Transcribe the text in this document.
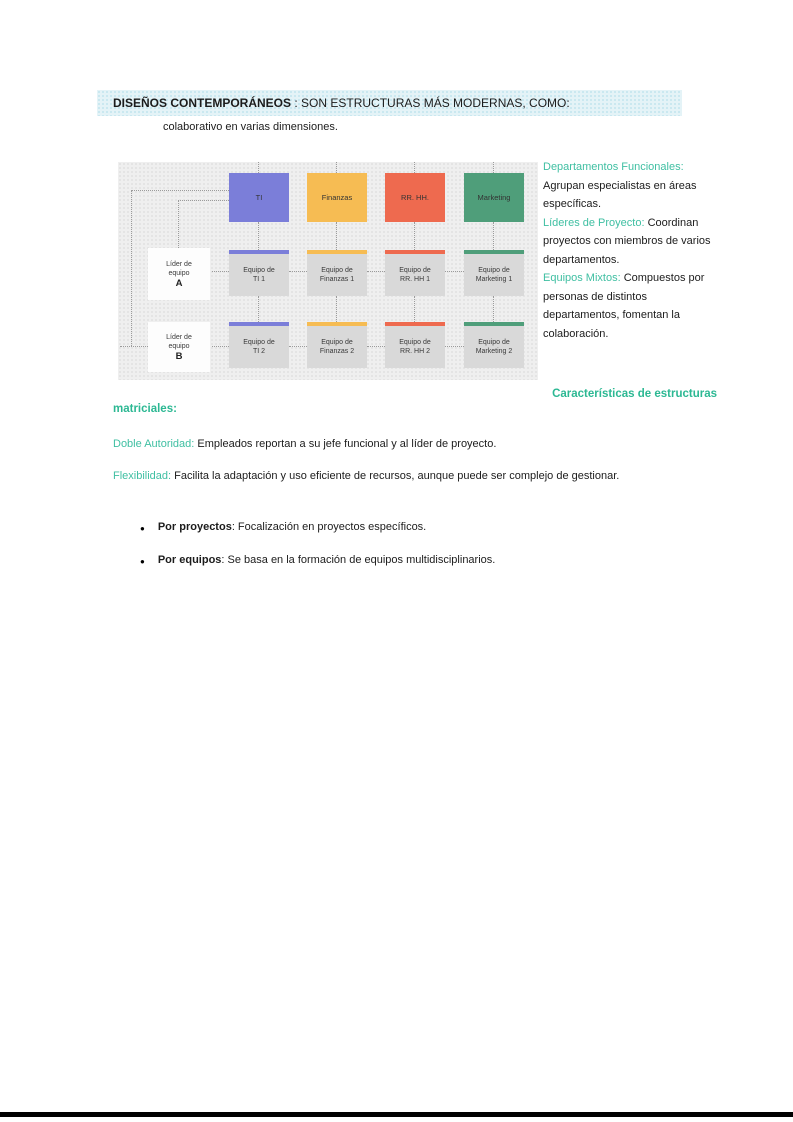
DISEÑOS CONTEMPORÁNEOS : SON ESTRUCTURAS MÁS MODERNAS, COMO:
colaborativo en varias dimensiones.
TI	Finanzas	RR. HH.	Marketing
Líder de
equipo
A
Líder de
equipo
B
Equipo de
TI 1
Equipo de
Finanzas 1
Equipo de
RR. HH 1
Equipo de
Marketing 1
Equipo de
TI 2
Equipo de
Finanzas 2
Equipo de
RR. HH 2
Equipo de
Marketing 2

Departamentos Funcionales: Agrupan especialistas en áreas específicas.

Líderes de Proyecto: Coordinan proyectos con miembros de varios departamentos.

Equipos Mixtos: Compuestos por personas de distintos departamentos, fomentan la colaboración.

Características de estructuras
matriciales:
Doble Autoridad: Empleados reportan a su jefe funcional y al líder de proyecto.
Flexibilidad: Facilita la adaptación y uso eficiente de recursos, aunque puede ser complejo de gestionar.
● Por proyectos: Focalización en proyectos específicos.
● Por equipos: Se basa en la formación de equipos multidisciplinarios.
